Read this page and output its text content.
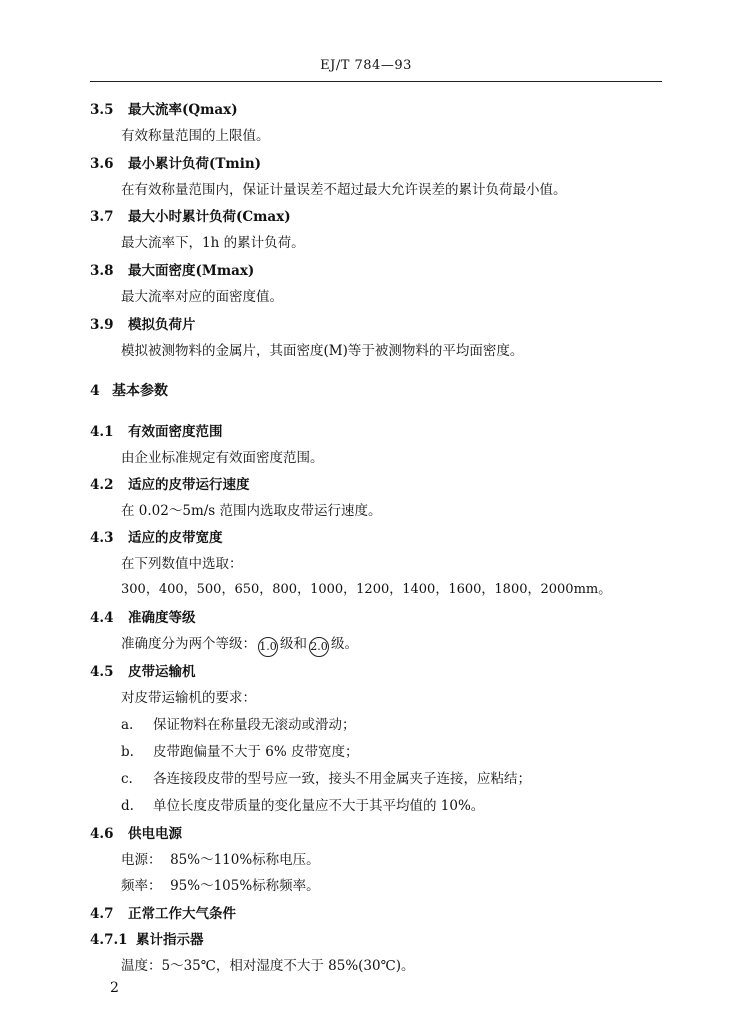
EJ/T 784—93
3.5 最大流率(Qmax)
有效称量范围的上限值。
3.6 最小累计负荷(Tmin)
在有效称量范围内，保证计量误差不超过最大允许误差的累计负荷最小值。
3.7 最大小时累计负荷(Cmax)
最大流率下，1h 的累计负荷。
3.8 最大面密度(Mmax)
最大流率对应的面密度值。
3.9 模拟负荷片
模拟被测物料的金属片，其面密度(M)等于被测物料的平均面密度。
4 基本参数
4.1 有效面密度范围
由企业标准规定有效面密度范围。
4.2 适应的皮带运行速度
在 0.02～5m/s 范围内选取皮带运行速度。
4.3 适应的皮带宽度
在下列数值中选取：
300，400，500，650，800，1000，1200，1400，1600，1800，2000mm。
4.4 准确度等级
准确度分为两个等级： 1.0 级和 2.0 级。
4.5 皮带运输机
对皮带运输机的要求：
a. 保证物料在称量段无滚动或滑动；
b. 皮带跑偏量不大于 6% 皮带宽度；
c. 各连接段皮带的型号应一致，接头不用金属夹子连接，应粘结；
d. 单位长度皮带质量的变化量应不大于其平均值的 10%。
4.6 供电电源
电源：  85%～110%标称电压。
频率：  95%～105%标称频率。
4.7 正常工作大气条件
4.7.1 累计指示器
温度：5～35℃，相对湿度不大于 85%(30℃)。
2
